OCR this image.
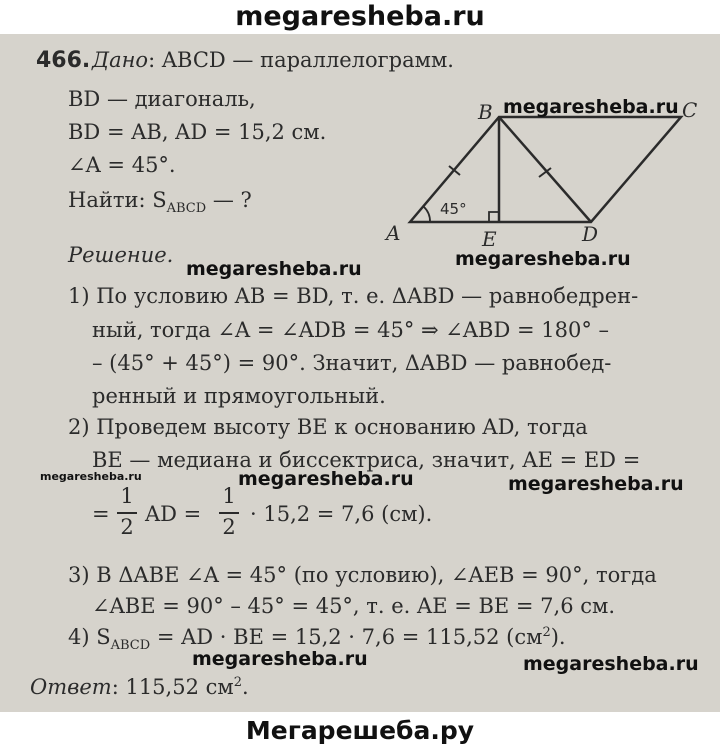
megaresheba.ru
466. Дано: ABCD — параллелограмм.
BD — диагональ,
BD = AB, AD = 15,2 см.
∠A = 45°.
Найти: $S_{ABCD}$ — ?
B	C
A	E	D
45°
Решение.
1) По условию AB = BD, т. е. ΔABD — равнобедрен-
ный, тогда ∠A = ∠ADB = 45° ⇒ ∠ABD = 180° –
– (45° + 45°) = 90°. Значит, ΔABD — равнобед-
ренный и прямоугольный.
2) Проведем высоту BE к основанию AD, тогда
BE — медиана и биссектриса, значит, AE = ED =
=
1
2
AD =
1
2
· 15,2 = 7,6 (см).
3) В ΔABE ∠A = 45° (по условию), ∠AEB = 90°, тогда
∠ABE = 90° – 45° = 45°, т. е. AE = BE = 7,6 см.
4) $S_{ABCD}$ = AD · BE = 15,2 · 7,6 = 115,52 $(см^2)$.
Ответ: 115,52 $см^2$.
megaresheba.ru
megaresheba.ru	megaresheba.ru
megaresheba.ru	megaresheba.ru	megaresheba.ru
megaresheba.ru	megaresheba.ru
Мегарешеба.ру
